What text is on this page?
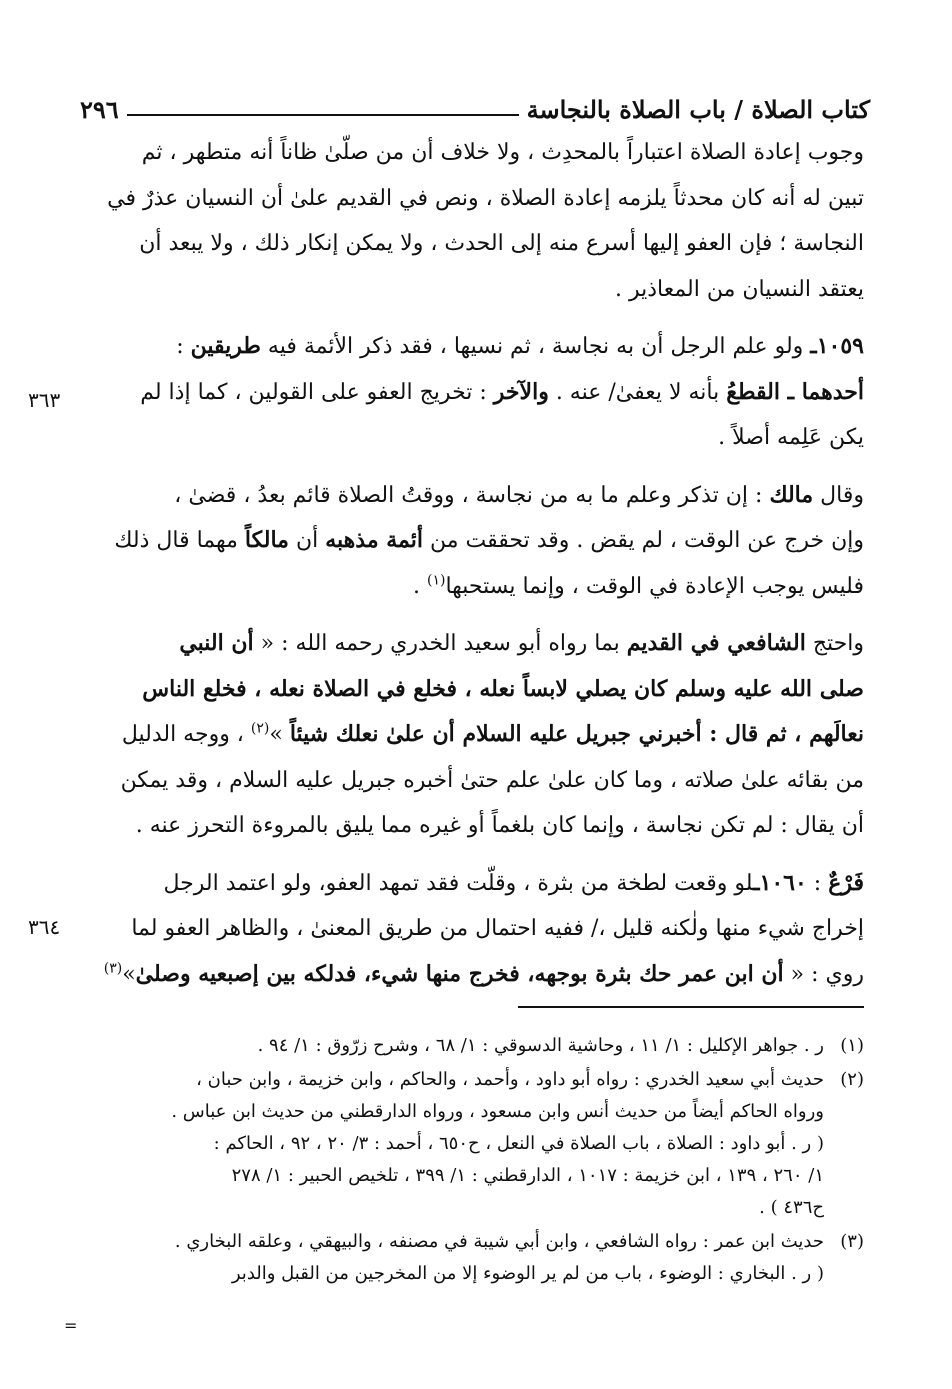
كتاب الصلاة / باب الصلاة بالنجاسة
٢٩٦
٣٦٣
٣٦٤

وجوب إعادة الصلاة اعتباراً بالمحدِث ، ولا خلاف أن من صلّىٰ ظاناً أنه متطهر ، ثم

تبين له أنه كان محدثاً يلزمه إعادة الصلاة ، ونص في القديم علىٰ أن النسيان عذرٌ في

النجاسة ؛ فإن العفو إليها أسرع منه إلى الحدث ، ولا يمكن إنكار ذلك ، ولا يبعد أن

يعتقد النسيان من المعاذير .

١٠٥٩ـ ولو علم الرجل أن به نجاسة ، ثم نسيها ، فقد ذكر الأئمة فيه طريقين :

أحدهما ـ القطعُ بأنه لا يعفىٰ/ عنه . والآخر : تخريج العفو على القولين ، كما إذا لم

يكن عَلِمه أصلاً .

وقال مالك : إن تذكر وعلم ما به من نجاسة ، ووقتُ الصلاة قائم بعدُ ، قضىٰ ،

وإن خرج عن الوقت ، لم يقض . وقد تحققت من أئمة مذهبه أن مالكاً مهما قال ذلك

فليس يوجب الإعادة في الوقت ، وإنما يستحبها$^{(١)}$ .

واحتج الشافعي في القديم بما رواه أبو سعيد الخدري رحمه الله : « أن النبي

صلى الله عليه وسلم كان يصلي لابساً نعله ، فخلع في الصلاة نعله ، فخلع الناس

نعالَهم ، ثم قال : أخبرني جبريل عليه السلام أن علىٰ نعلك شيئاً »$^{(٢)}$ ، ووجه الدليل

من بقائه علىٰ صلاته ، وما كان علىٰ علم حتىٰ أخبره جبريل عليه السلام ، وقد يمكن

أن يقال : لم تكن نجاسة ، وإنما كان بلغماً أو غيره مما يليق بالمروءة التحرز عنه .

فَرْعٌ : ١٠٦٠ـلو وقعت لطخة من بثرة ، وقلّت فقد تمهد العفو، ولو اعتمد الرجل

إخراج شيء منها ولٰكنه قليل ،/ ففيه احتمال من طريق المعنىٰ ، والظاهر العفو لما

روي : « أن ابن عمر حك بثرة بوجهه، فخرج منها شيء، فدلكه بين إصبعيه وصلىٰ»$^{(٣)}$

(١)
ر . جواهر الإكليل : ١/ ١١ ، وحاشية الدسوقي : ١/ ٦٨ ، وشرح زرّوق : ١/ ٩٤ .
(٢)
حديث أبي سعيد الخدري : رواه أبو داود ، وأحمد ، والحاكم ، وابن خزيمة ، وابن حبان ،
ورواه الحاكم أيضاً من حديث أنس وابن مسعود ، ورواه الدارقطني من حديث ابن عباس .
( ر . أبو داود : الصلاة ، باب الصلاة في النعل ، ح٦٥٠ ، أحمد : ٣/ ٢٠ ، ٩٢ ، الحاكم :
١/ ٢٦٠ ، ١٣٩ ، ابن خزيمة : ١٠١٧ ، الدارقطني : ١/ ٣٩٩ ، تلخيص الحبير : ١/ ٢٧٨
ح٤٣٦ ) .
(٣)
حديث ابن عمر : رواه الشافعي ، وابن أبي شيبة في مصنفه ، والبيهقي ، وعلقه البخاري .
( ر . البخاري : الوضوء ، باب من لم ير الوضوء إلا من المخرجين من القبل والدبر
=
